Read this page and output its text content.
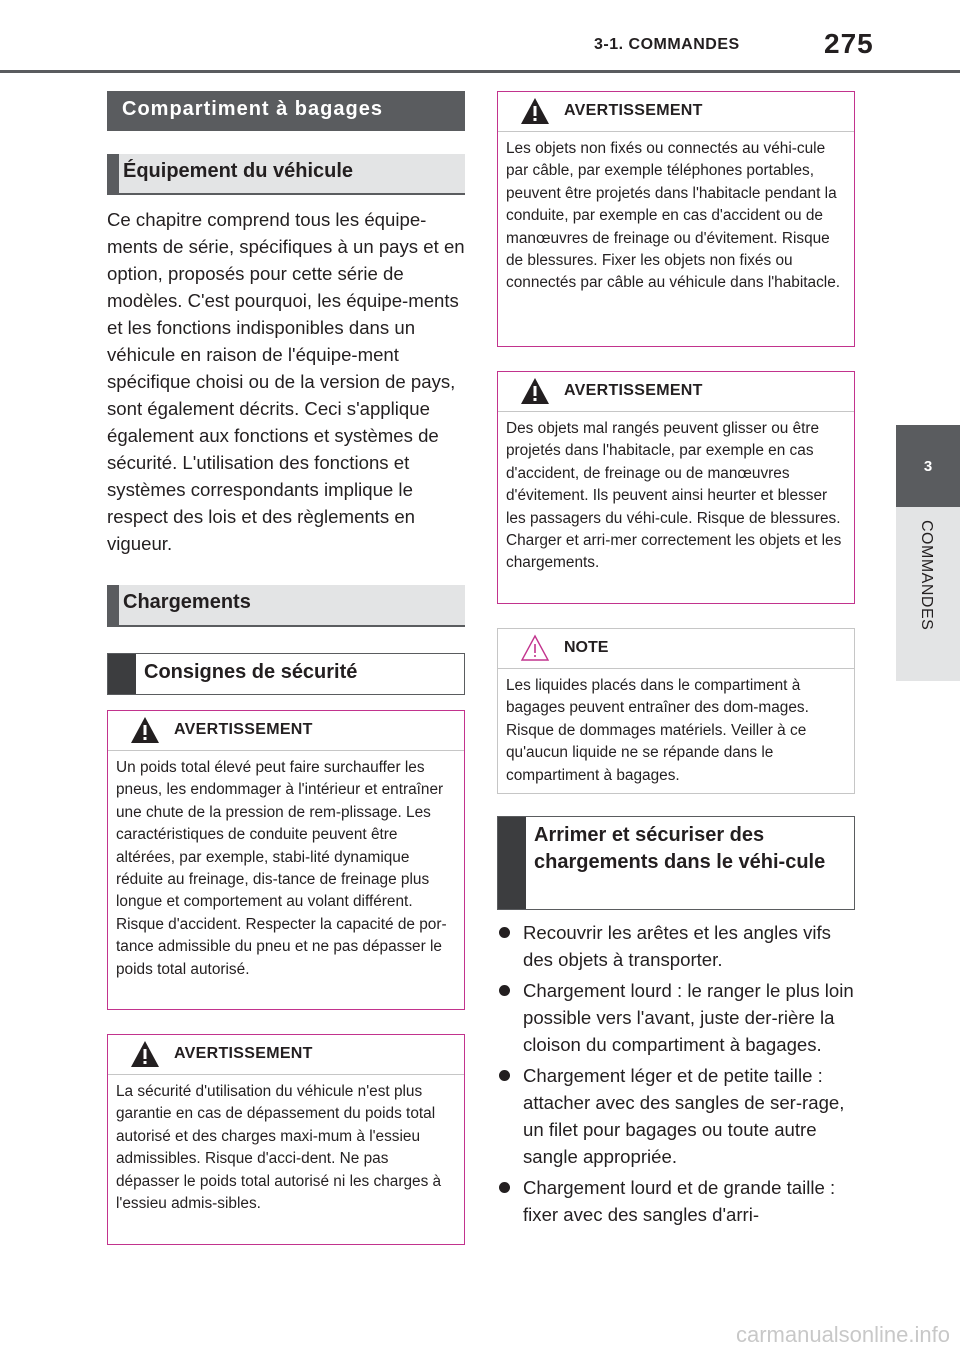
3-1. COMMANDES	275
3
COMMANDES
Compartiment à bagages
Équipement du véhicule
Ce chapitre comprend tous les équipe-ments de série, spécifiques à un pays et en option, proposés pour cette série de modèles. C'est pourquoi, les équipe-ments et les fonctions indisponibles dans un véhicule en raison de l'équipe-ment spécifique choisi ou de la version de pays, sont également décrits. Ceci s'applique également aux fonctions et systèmes de sécurité. L'utilisation des fonctions et systèmes correspondants implique le respect des lois et des règlements en vigueur.
Chargements
Consignes de sécurité
AVERTISSEMENT
Un poids total élevé peut faire surchauffer les pneus, les endommager à l'intérieur et entraîner une chute de la pression de rem-plissage. Les caractéristiques de conduite peuvent être altérées, par exemple, stabi-lité dynamique réduite au freinage, dis-tance de freinage plus longue et comportement au volant différent. Risque d'accident. Respecter la capacité de por-tance admissible du pneu et ne pas dépasser le poids total autorisé.
AVERTISSEMENT
La sécurité d'utilisation du véhicule n'est plus garantie en cas de dépassement du poids total autorisé et des charges maxi-mum à l'essieu admissibles. Risque d'acci-dent. Ne pas dépasser le poids total autorisé ni les charges à l'essieu admis-sibles.
AVERTISSEMENT
Les objets non fixés ou connectés au véhi-cule par câble, par exemple téléphones portables, peuvent être projetés dans l'habitacle pendant la conduite, par exemple en cas d'accident ou de manœuvres de freinage ou d'évitement. Risque de blessures. Fixer les objets non fixés ou connectés par câble au véhicule dans l'habitacle.
AVERTISSEMENT
Des objets mal rangés peuvent glisser ou être projetés dans l'habitacle, par exemple en cas d'accident, de freinage ou de manœuvres d'évitement. Ils peuvent ainsi heurter et blesser les passagers du véhi-cule. Risque de blessures. Charger et arri-mer correctement les objets et les chargements.
NOTE
Les liquides placés dans le compartiment à bagages peuvent entraîner des dom-mages. Risque de dommages matériels. Veiller à ce qu'aucun liquide ne se répande dans le compartiment à bagages.
Arrimer et sécuriser des chargements dans le véhi-cule
Recouvrir les arêtes et les angles vifs des objets à transporter.
Chargement lourd : le ranger le plus loin possible vers l'avant, juste der-rière la cloison du compartiment à bagages.
Chargement léger et de petite taille : attacher avec des sangles de ser-rage, un filet pour bagages ou toute autre sangle appropriée.
Chargement lourd et de grande taille : fixer avec des sangles d'arri-
carmanualsonline.info
